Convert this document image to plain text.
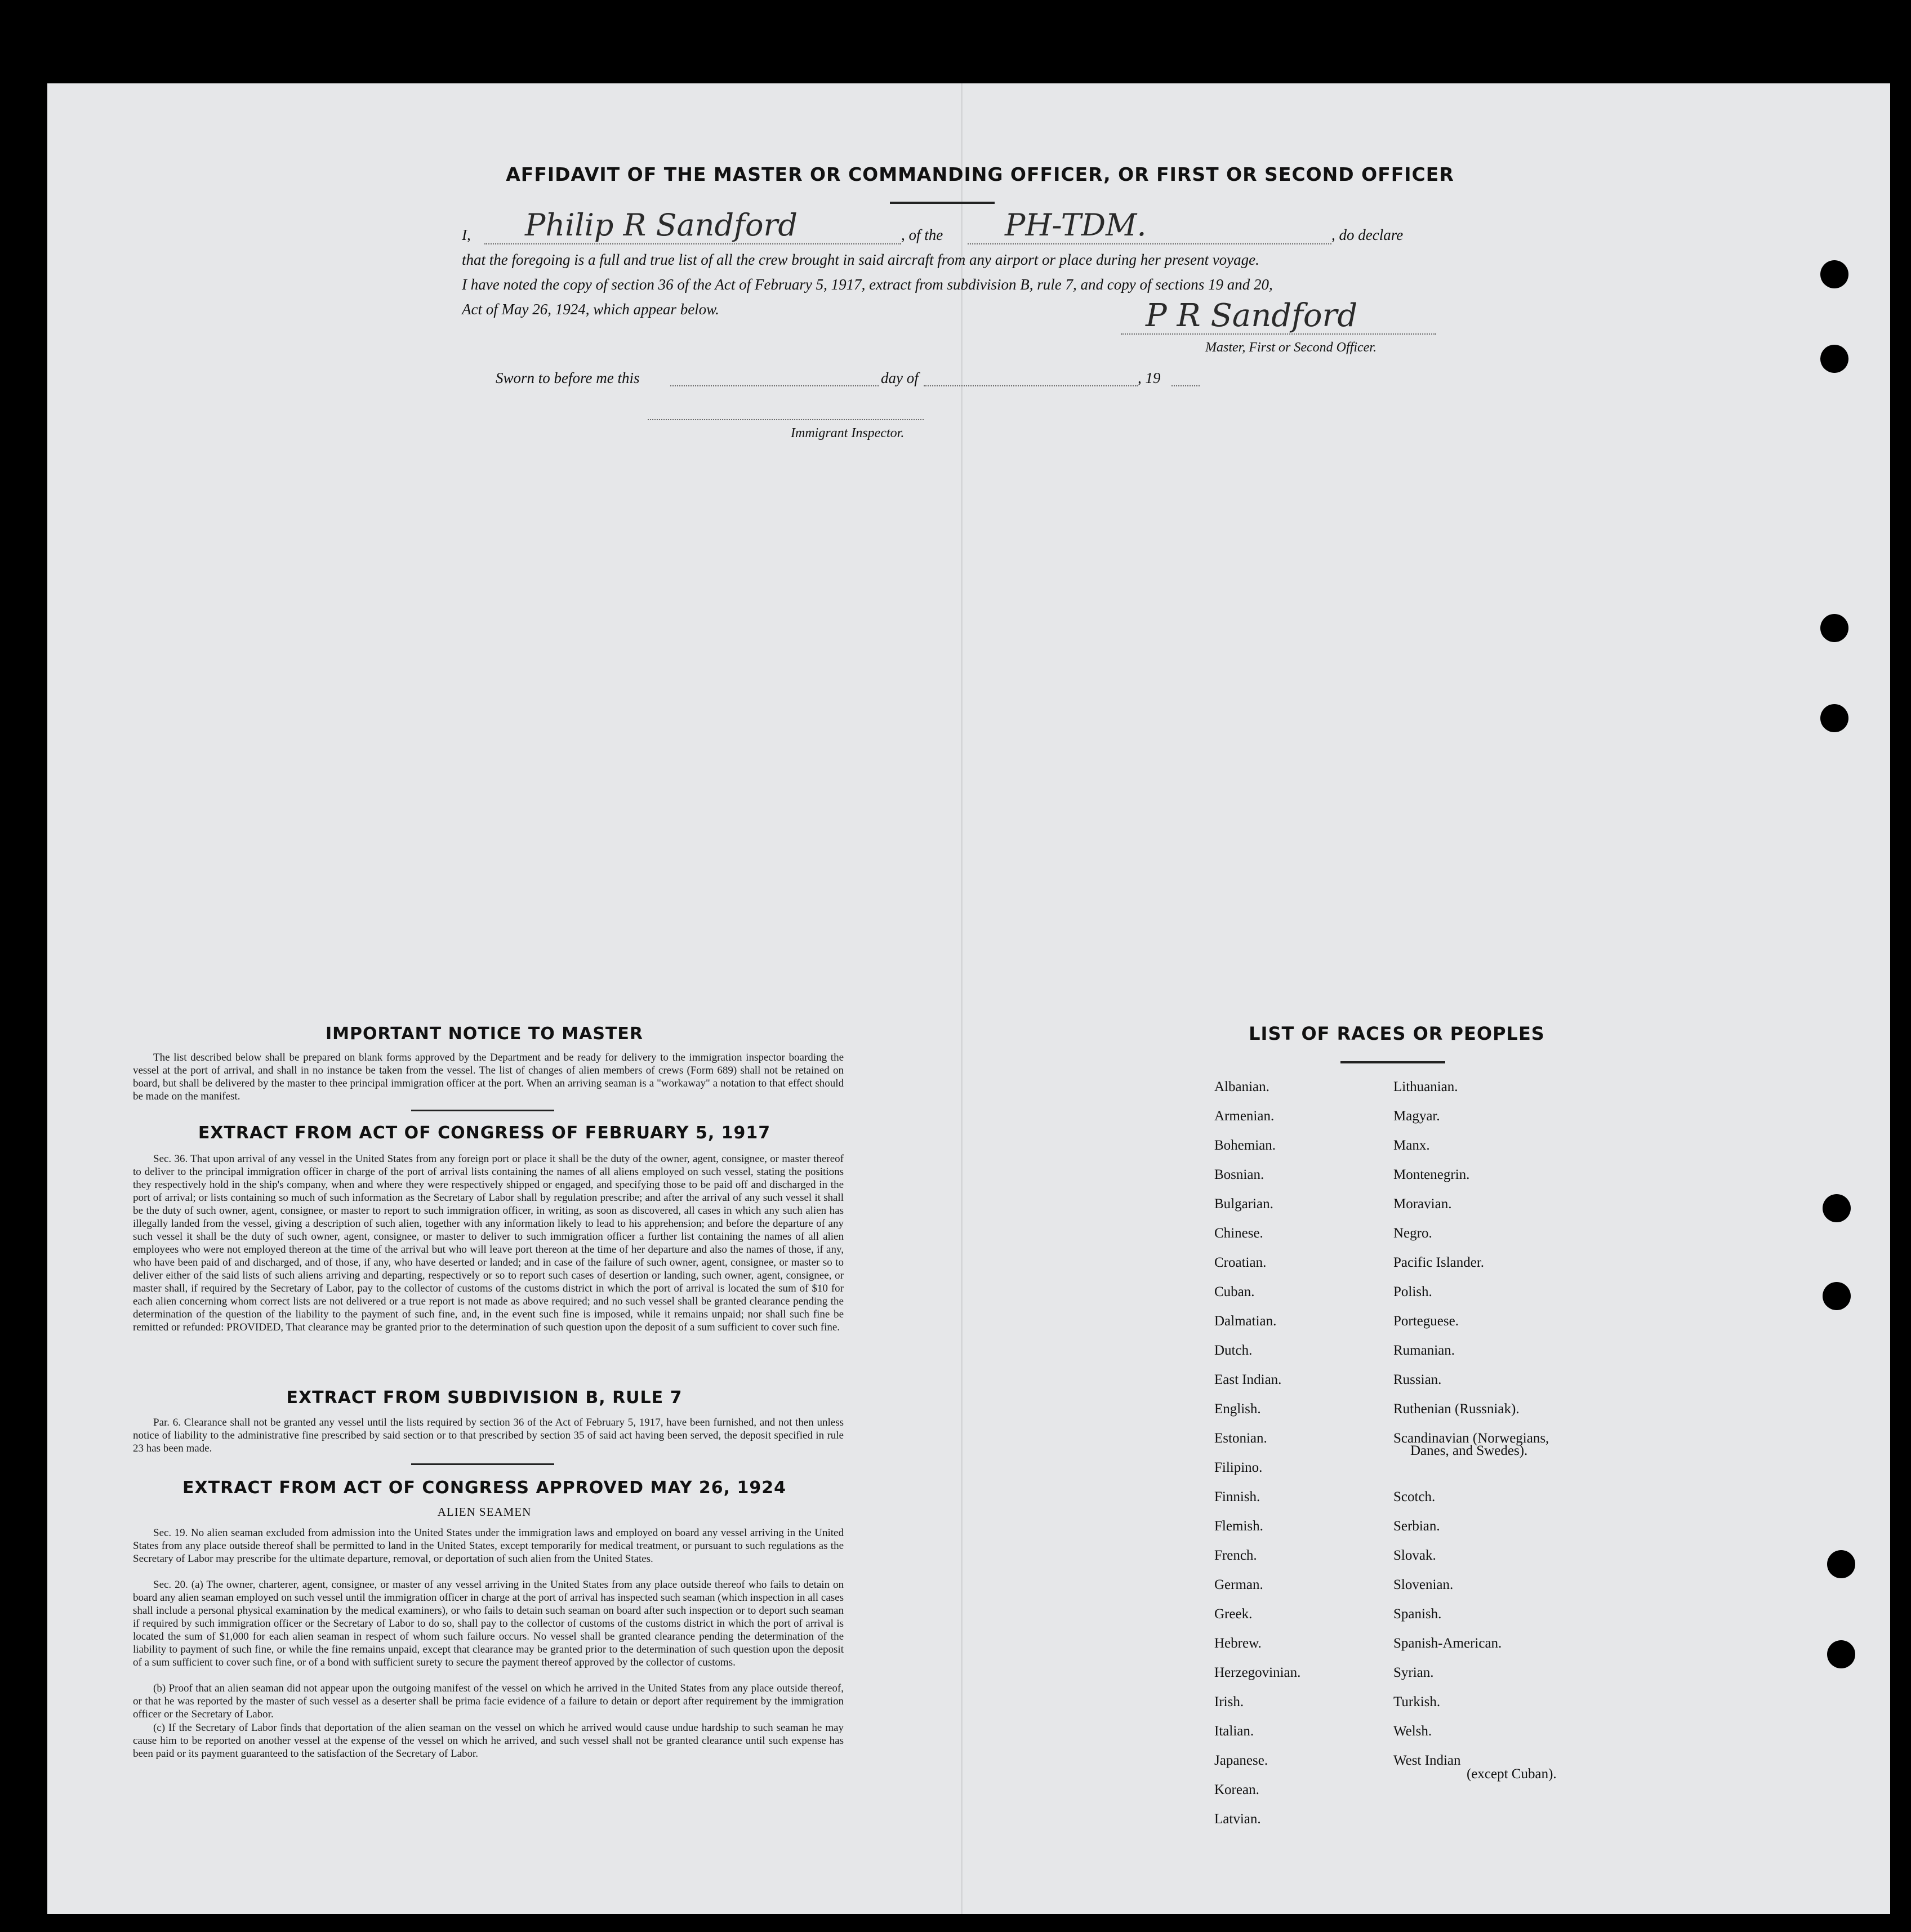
AFFIDAVIT OF THE MASTER OR COMMANDING OFFICER, OR FIRST OR SECOND OFFICER
I, Philip R Sandford	, of the PH-TDM.	, do declare
that the foregoing is a full and true list of all the crew brought in said aircraft from any airport or place during her present voyage.
I have noted the copy of section 36 of the Act of February 5, 1917, extract from subdivision B, rule 7, and copy of sections 19 and 20,
Act of May 26, 1924, which appear below.	P R Sandford
Master, First or Second Officer.
Sworn to before me this	day of	, 19
Immigrant Inspector.
IMPORTANT NOTICE TO MASTER
The list described below shall be prepared on blank forms approved by the Department and be ready for delivery to the immigration inspector boarding the vessel at the port of arrival, and shall in no instance be taken from the vessel. The list of changes of alien members of crews (Form 689) shall not be retained on board, but shall be delivered by the master to thee principal immigration officer at the port. When an arriving seaman is a "workaway" a notation to that effect should be made on the manifest.
EXTRACT FROM ACT OF CONGRESS OF FEBRUARY 5, 1917
Sec. 36. That upon arrival of any vessel in the United States from any foreign port or place it shall be the duty of the owner, agent, consignee, or master thereof to deliver to the principal immigration officer in charge of the port of arrival lists containing the names of all aliens employed on such vessel, stating the positions they respectively hold in the ship's company, when and where they were respectively shipped or engaged, and specifying those to be paid off and discharged in the port of arrival; or lists containing so much of such information as the Secretary of Labor shall by regulation prescribe; and after the arrival of any such vessel it shall be the duty of such owner, agent, consignee, or master to report to such immigration officer, in writing, as soon as discovered, all cases in which any such alien has illegally landed from the vessel, giving a description of such alien, together with any information likely to lead to his apprehension; and before the departure of any such vessel it shall be the duty of such owner, agent, consignee, or master to deliver to such immigration officer a further list containing the names of all alien employees who were not employed thereon at the time of the arrival but who will leave port thereon at the time of her departure and also the names of those, if any, who have been paid of and discharged, and of those, if any, who have deserted or landed; and in case of the failure of such owner, agent, consignee, or master so to deliver either of the said lists of such aliens arriving and departing, respectively or so to report such cases of desertion or landing, such owner, agent, consignee, or master shall, if required by the Secretary of Labor, pay to the collector of customs of the customs district in which the port of arrival is located the sum of $10 for each alien concerning whom correct lists are not delivered or a true report is not made as above required; and no such vessel shall be granted clearance pending the determination of the question of the liability to the payment of such fine, and, in the event such fine is imposed, while it remains unpaid; nor shall such fine be remitted or refunded: PROVIDED, That clearance may be granted prior to the determination of such question upon the deposit of a sum sufficient to cover such fine.
EXTRACT FROM SUBDIVISION B, RULE 7
Par. 6. Clearance shall not be granted any vessel until the lists required by section 36 of the Act of February 5, 1917, have been furnished, and not then unless notice of liability to the administrative fine prescribed by said section or to that prescribed by section 35 of said act having been served, the deposit specified in rule 23 has been made.
EXTRACT FROM ACT OF CONGRESS APPROVED MAY 26, 1924
ALIEN SEAMEN
Sec. 19. No alien seaman excluded from admission into the United States under the immigration laws and employed on board any vessel arriving in the United States from any place outside thereof shall be permitted to land in the United States, except temporarily for medical treatment, or pursuant to such regulations as the Secretary of Labor may prescribe for the ultimate departure, removal, or deportation of such alien from the United States.
Sec. 20. (a) The owner, charterer, agent, consignee, or master of any vessel arriving in the United States from any place outside thereof who fails to detain on board any alien seaman employed on such vessel until the immigration officer in charge at the port of arrival has inspected such seaman (which inspection in all cases shall include a personal physical examination by the medical examiners), or who fails to detain such seaman on board after such inspection or to deport such seaman if required by such immigration officer or the Secretary of Labor to do so, shall pay to the collector of customs of the customs district in which the port of arrival is located the sum of $1,000 for each alien seaman in respect of whom such failure occurs. No vessel shall be granted clearance pending the determination of the liability to payment of such fine, or while the fine remains unpaid, except that clearance may be granted prior to the determination of such question upon the deposit of a sum sufficient to cover such fine, or of a bond with sufficient surety to secure the payment thereof approved by the collector of customs.
(b) Proof that an alien seaman did not appear upon the outgoing manifest of the vessel on which he arrived in the United States from any place outside thereof, or that he was reported by the master of such vessel as a deserter shall be prima facie evidence of a failure to detain or deport after requirement by the immigration officer or the Secretary of Labor.
(c) If the Secretary of Labor finds that deportation of the alien seaman on the vessel on which he arrived would cause undue hardship to such seaman he may cause him to be reported on another vessel at the expense of the vessel on which he arrived, and such vessel shall not be granted clearance until such expense has been paid or its payment guaranteed to the satisfaction of the Secretary of Labor.
LIST OF RACES OR PEOPLES
Albanian.
Armenian.
Bohemian.
Bosnian.
Bulgarian.
Chinese.
Croatian.
Cuban.
Dalmatian.
Dutch.
East Indian.
English.
Estonian.
Filipino.
Finnish.
Flemish.
French.
German.
Greek.
Hebrew.
Herzegovinian.
Irish.
Italian.
Japanese.
Korean.
Latvian.
Lithuanian.
Magyar.
Manx.
Montenegrin.
Moravian.
Negro.
Pacific Islander.
Polish.
Porteguese.
Rumanian.
Russian.
Ruthenian (Russniak).
Scandinavian (Norwegians,
Scotch.
Serbian.
Slovak.
Slovenian.
Spanish.
Spanish-American.
Syrian.
Turkish.
Welsh.
West Indian
Danes, and Swedes).
(except Cuban).
